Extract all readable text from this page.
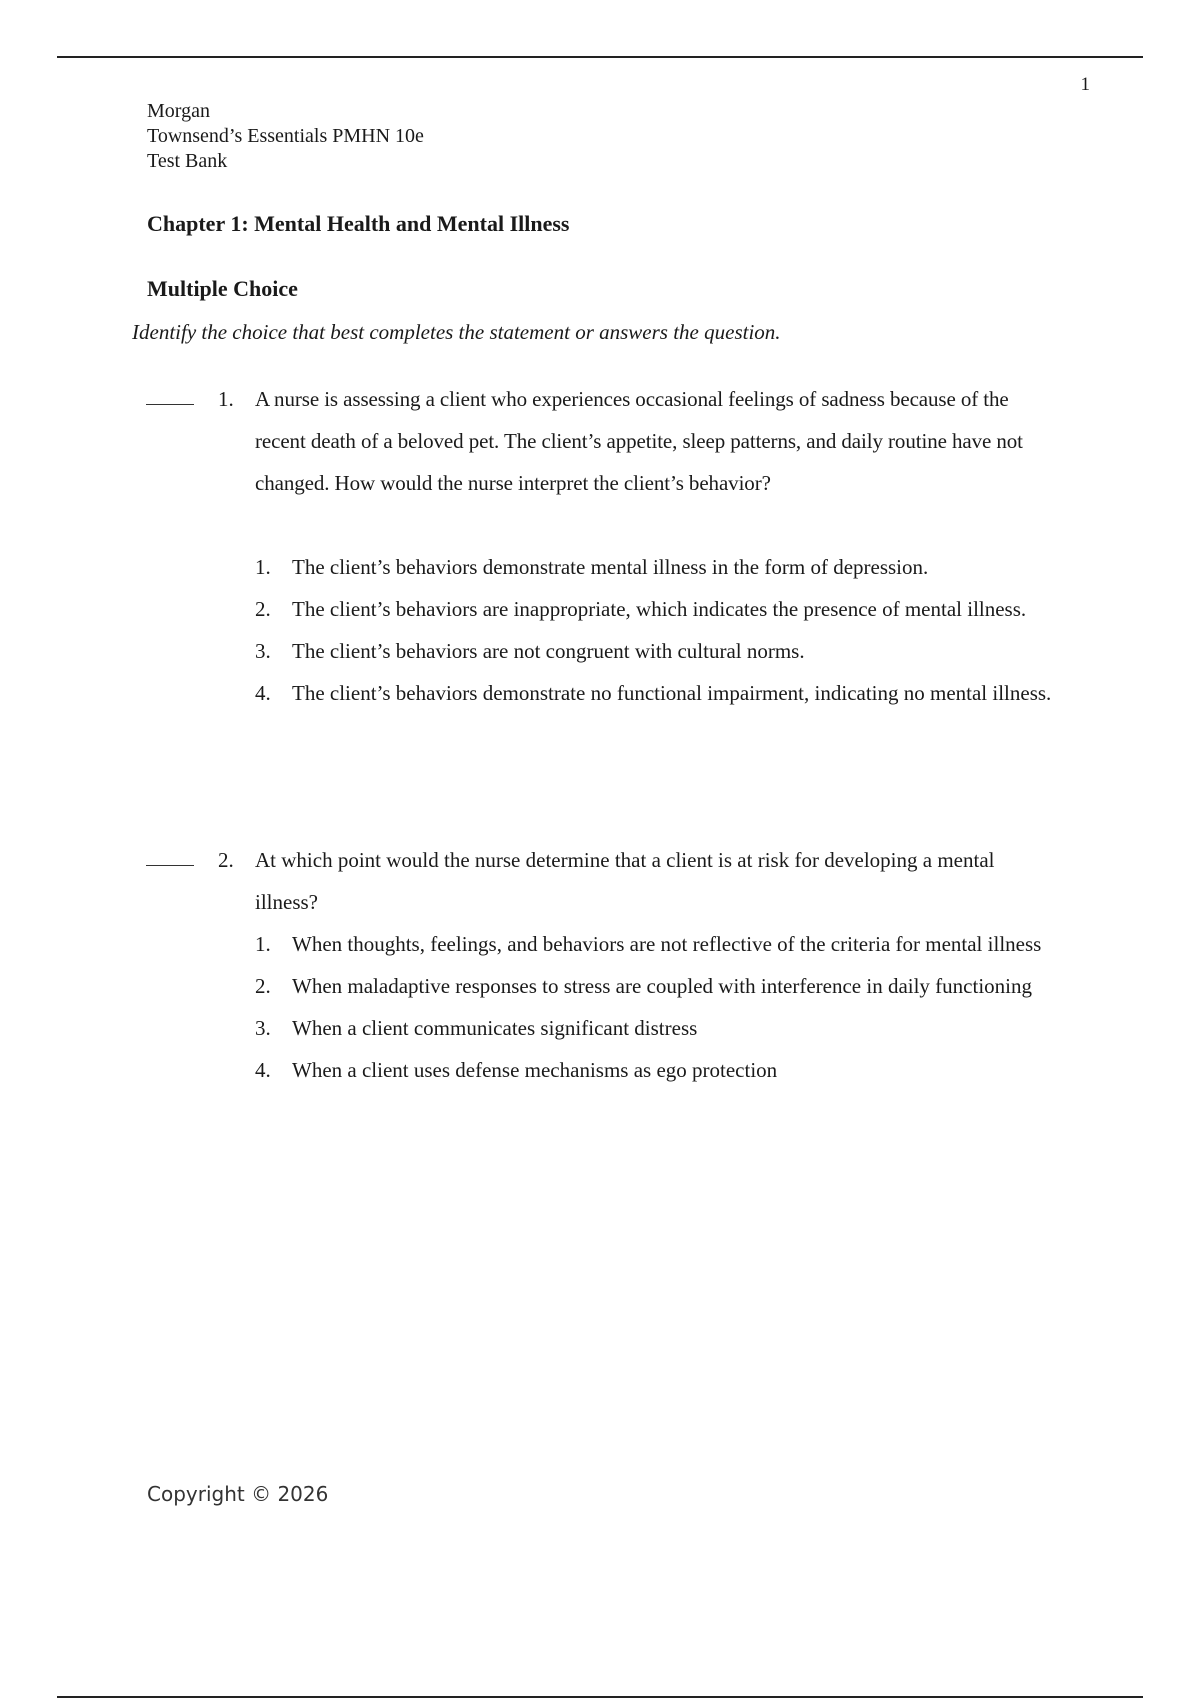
1
Morgan
Townsend’s Essentials PMHN 10e
Test Bank
Chapter 1: Mental Health and Mental Illness
Multiple Choice

Identify the choice that best completes the statement or answers the question.

1. A nurse is assessing a client who experiences occasional feelings of sadness because of the recent death of a beloved pet. The client’s appetite, sleep patterns, and daily routine have not changed. How would the nurse interpret the client’s behavior?

1. The client’s behaviors demonstrate mental illness in the form of depression.
2. The client’s behaviors are inappropriate, which indicates the presence of mental illness.
3. The client’s behaviors are not congruent with cultural norms.
4. The client’s behaviors demonstrate no functional impairment, indicating no mental illness.
2. At which point would the nurse determine that a client is at risk for developing a mental illness?

1. When thoughts, feelings, and behaviors are not reflective of the criteria for mental illness
2. When maladaptive responses to stress are coupled with interference in daily functioning
3. When a client communicates significant distress
4. When a client uses defense mechanisms as ego protection
Copyright © 2026
